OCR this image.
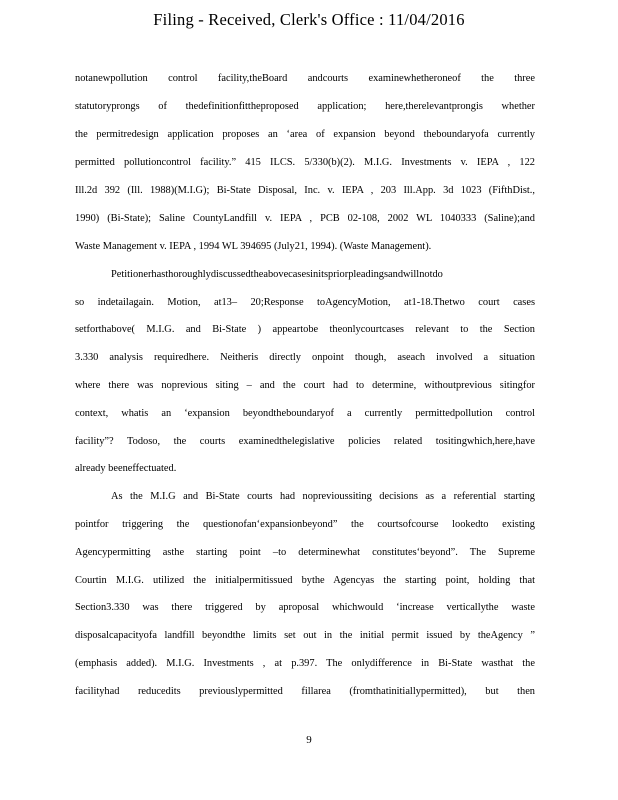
Filing - Received, Clerk's Office : 11/04/2016
notanewpollution control facility,theBoard andcourts examinewhetheroneof the three
statutoryprongs of thedefinitionfittheproposed application; here,therelevantprongis whether
the permitredesign application proposes an ‘area of expansion beyond theboundaryofa currently
permitted pollutioncontrol facility.” 415 ILCS. 5/330(b)(2). M.I.G. Investments v. IEPA , 122
Ill.2d 392 (Ill. 1988)(M.I.G); Bi-State Disposal, Inc. v. IEPA , 203 Ill.App. 3d 1023 (FifthDist.,
1990) (Bi-State); Saline CountyLandfill v. IEPA , PCB 02-108, 2002 WL 1040333 (Saline);and
Waste Management v. IEPA , 1994 WL 394695 (July21, 1994). (Waste Management).
Petitionerhasthoroughlydiscussedtheabovecasesinitspriorpleadingsandwillnotdo
so indetailagain. Motion, at13– 20;Response toAgencyMotion, at1-18.Thetwo court cases
setforthabove( M.I.G. and Bi-State ) appeartobe theonlycourtcases relevant to the Section
3.330 analysis requiredhere. Neitheris directly onpoint though, aseach involved a situation
where there was noprevious siting – and the court had to determine, withoutprevious sitingfor
context, whatis an ‘expansion beyondtheboundaryof a currently permittedpollution control
facility”? Todoso, the courts examinedthelegislative policies related tositingwhich,here,have
already beeneffectuated.
As the M.I.G and Bi-State courts had noprevioussiting decisions as a referential starting
pointfor triggering the questionofan‘expansionbeyond” the courtsofcourse lookedto existing
Agencypermitting asthe starting point –to determinewhat constitutes‘beyond”. The Supreme
Courtin M.I.G. utilized the initialpermitissued bythe Agencyas the starting point, holding that
Section3.330 was there triggered by aproposal whichwould ‘increase verticallythe waste
disposalcapacityofa landfill beyondthe limits set out in the initial permit issued by theAgency ”
(emphasis added). M.I.G. Investments , at p.397. The onlydifference in Bi-State wasthat the
facilityhad reducedits previouslypermitted fillarea (fromthatinitiallypermitted), but then
9
